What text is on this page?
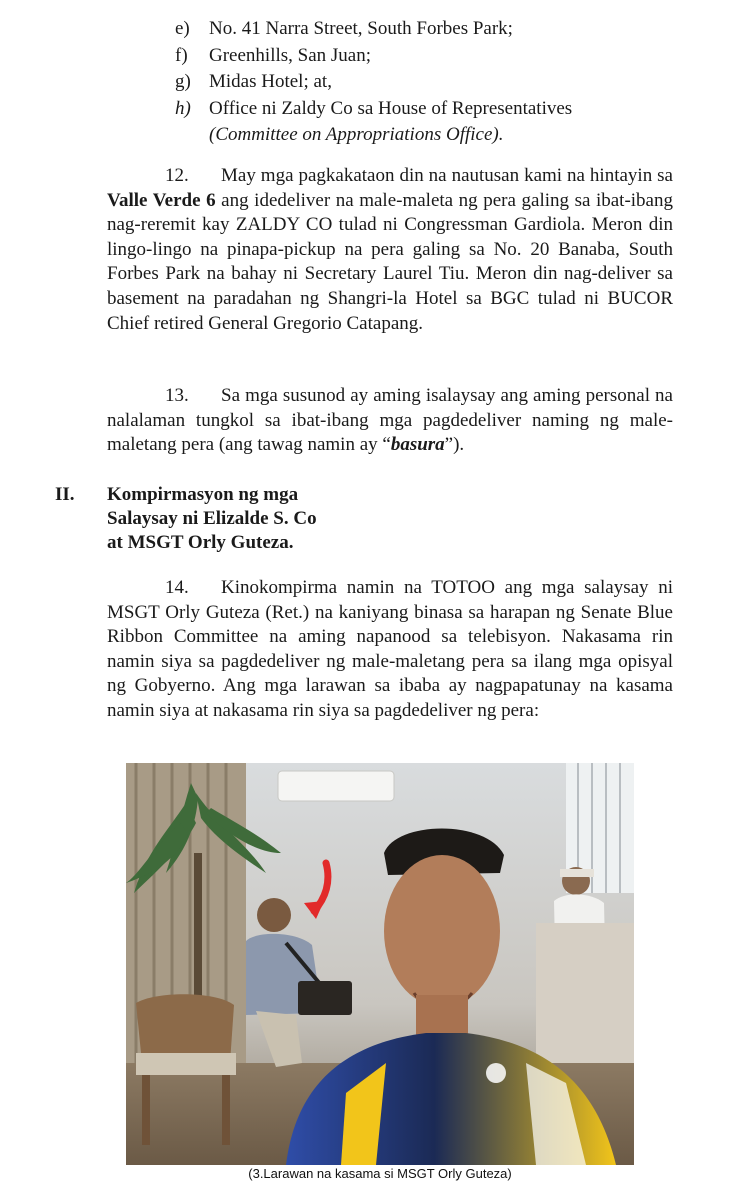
e)	No. 41 Narra Street, South Forbes Park;
f)	Greenhills, San Juan;
g) Midas Hotel; at,
h) Office ni Zaldy Co sa House of Representatives
(Committee on Appropriations Office).
12. May mga pagkakataon din na nautusan kami na hintayin sa Valle Verde 6 ang idedeliver na male-maleta ng pera galing sa ibat-ibang nag-reremit kay ZALDY CO tulad ni Congressman Gardiola. Meron din lingo-lingo na pinapa-pickup na pera galing sa No. 20 Banaba, South Forbes Park na bahay ni Secretary Laurel Tiu. Meron din nag-deliver sa basement na paradahan ng Shangri-la Hotel sa BGC tulad ni BUCOR Chief retired General Gregorio Catapang.
13. Sa mga susunod ay aming isalaysay ang aming personal na nalalaman tungkol sa ibat-ibang mga pagdedeliver naming ng male-maletang pera (ang tawag namin ay “basura”).
II.	Kompirmasyon ng mga
Salaysay ni Elizalde S. Co
at MSGT Orly Guteza.
14. Kinokompirma namin na TOTOO ang mga salaysay ni MSGT Orly Guteza (Ret.) na kaniyang binasa sa harapan ng Senate Blue Ribbon Committee na aming napanood sa telebisyon. Nakasama rin namin siya sa pagdedeliver ng male-maletang pera sa ilang mga opisyal ng Gobyerno. Ang mga larawan sa ibaba ay nagpapatunay na kasama namin siya at nakasama rin siya sa pagdedeliver ng pera:
(3.Larawan na kasama si MSGT Orly Guteza)
